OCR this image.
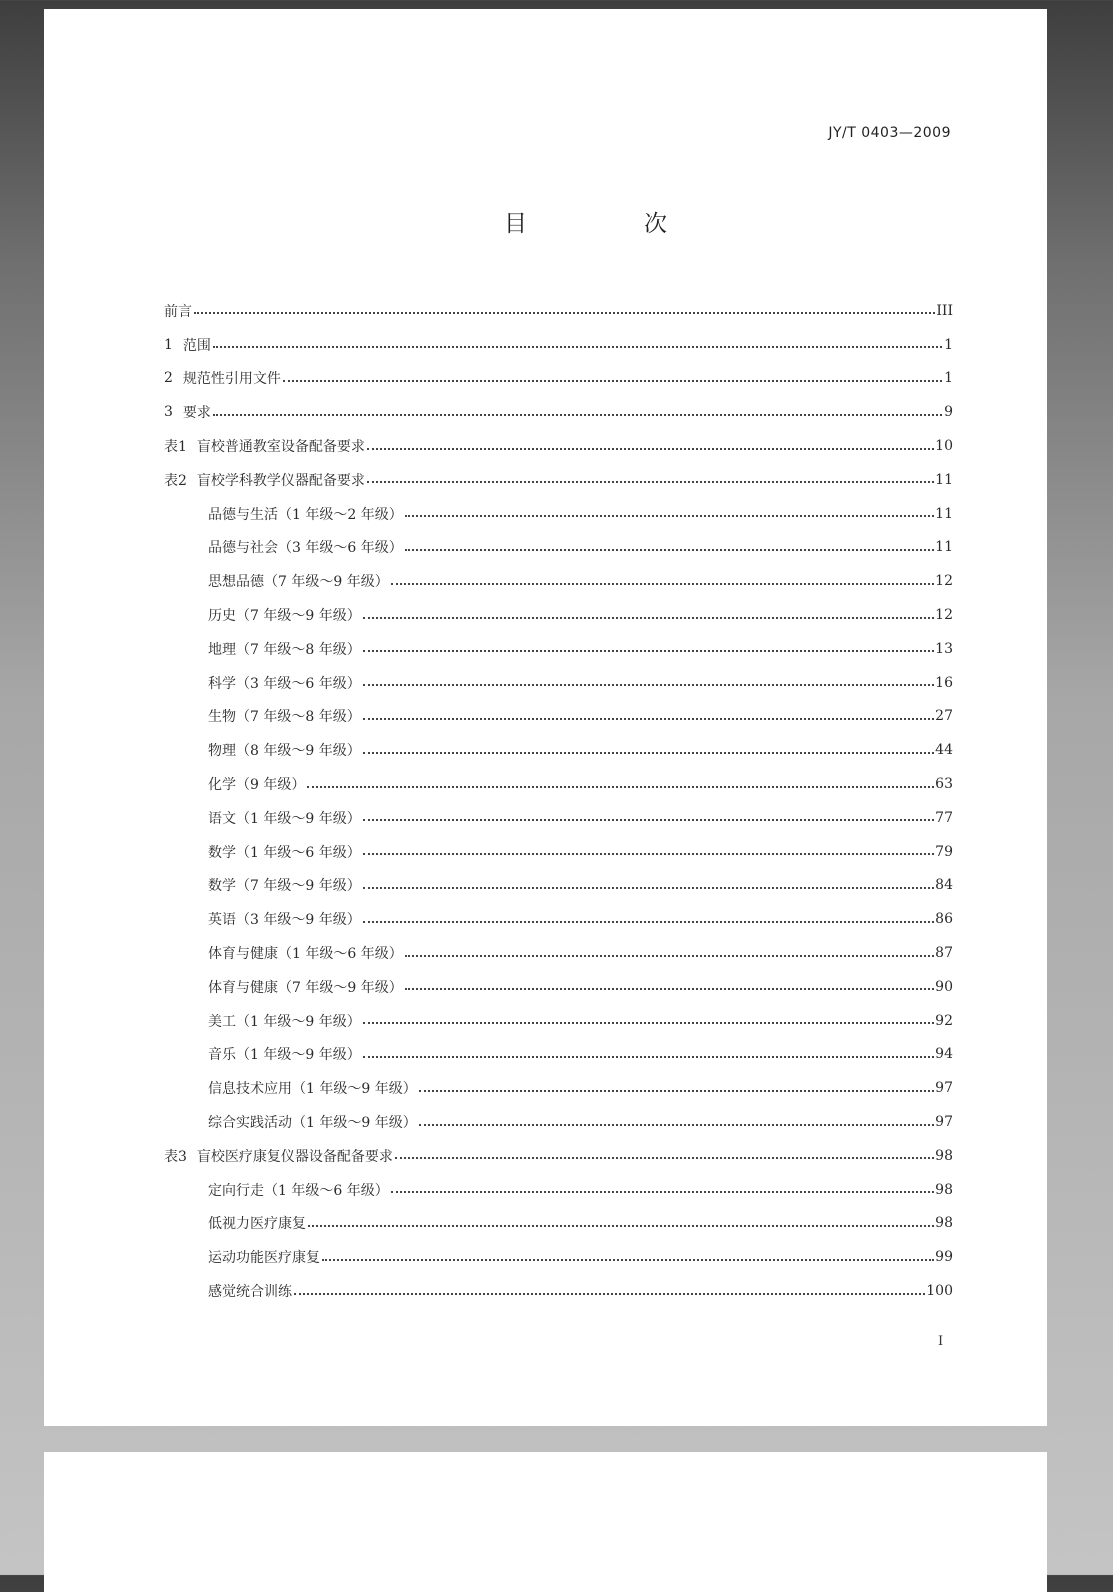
JY/T 0403—2009
目　次
前言	III
1 范围	1
2 规范性引用文件	1
3 要求	9
表1 盲校普通教室设备配备要求	10
表2 盲校学科教学仪器配备要求	11
品德与生活（1 年级～2 年级）	11
品德与社会（3 年级～6 年级）	11
思想品德（7 年级～9 年级）	12
历史（7 年级～9 年级）	12
地理（7 年级～8 年级）	13
科学（3 年级～6 年级）	16
生物（7 年级～8 年级）	27
物理（8 年级～9 年级）	44
化学（9 年级）	63
语文（1 年级～9 年级）	77
数学（1 年级～6 年级）	79
数学（7 年级～9 年级）	84
英语（3 年级～9 年级）	86
体育与健康（1 年级～6 年级）	87
体育与健康（7 年级～9 年级）	90
美工（1 年级～9 年级）	92
音乐（1 年级～9 年级）	94
信息技术应用（1 年级～9 年级）	97
综合实践活动（1 年级～9 年级）	97
表3 盲校医疗康复仪器设备配备要求	98
定向行走（1 年级～6 年级）	98
低视力医疗康复	98
运动功能医疗康复	99
感觉统合训练	100
I
